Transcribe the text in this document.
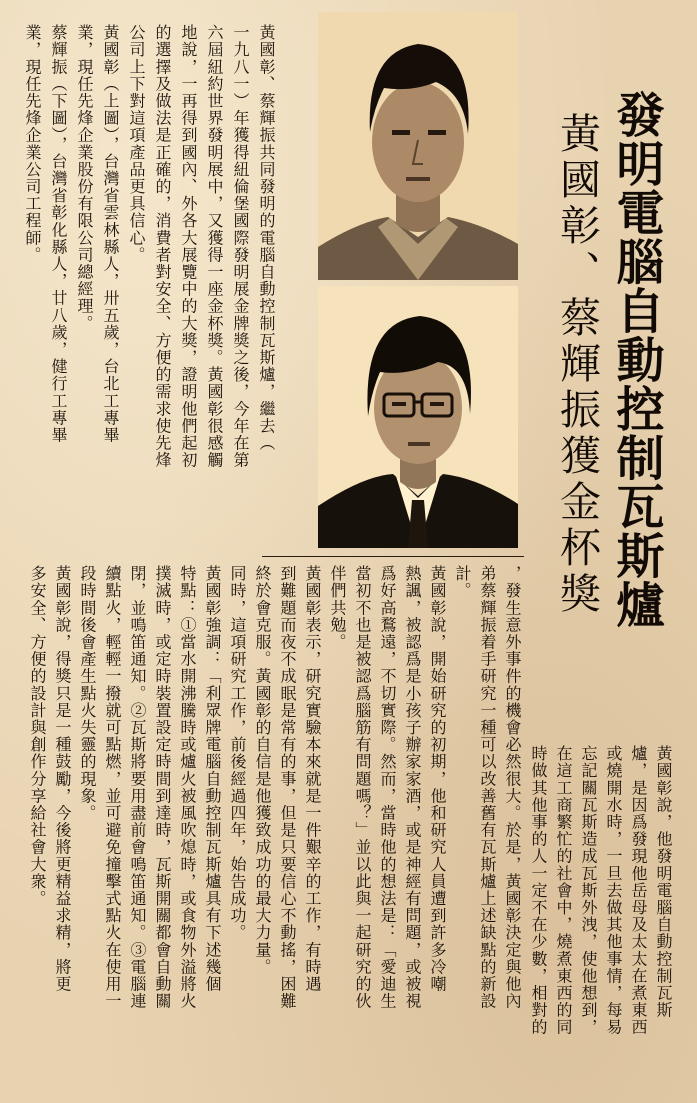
發明電腦自動控制瓦斯爐
黃國彰、蔡輝振獲金杯獎
黃國彰、蔡輝振共同發明的電腦自動控制瓦斯爐，繼去（
一九八一）年獲得紐倫堡國際發明展金牌獎之後，今年在第
六屆紐約世界發明展中，又獲得一座金杯獎。黃國彰很感觸
地說，一再得到國內、外各大展覽中的大獎，證明他們起初
的選擇及做法是正確的，消費者對安全、方便的需求使先烽
公司上下對這項產品更具信心。
黃國彰（上圖），台灣省雲林縣人，卅五歲，台北工專畢
業，現任先烽企業股份有限公司總經理。
蔡輝振（下圖），台灣省彰化縣人，廿八歲，健行工專畢
業，現任先烽企業公司工程師。
黃國彰說，他發明電腦自動控制瓦斯
爐，是因爲發現他岳母及太太在煮東西
或燒開水時，一旦去做其他事情，每易
忘記關瓦斯造成瓦斯外洩，使他想到，
在這工商繁忙的社會中，燒煮東西的同
時做其他事的人一定不在少數，相對的
，發生意外事件的機會必然很大。於是，黃國彰決定與他內
弟蔡輝振着手研究一種可以改善舊有瓦斯爐上述缺點的新設
計。
黃國彰說，開始研究的初期，他和研究人員遭到許多冷嘲
熱諷，被認爲是小孩子辦家家酒，或是神經有問題，或被視
爲好高鶩遠，不切實際。然而，當時他的想法是：「愛迪生
當初不也是被認爲腦筋有問題嗎？」並以此與一起研究的伙
伴們共勉。
黃國彰表示，研究實驗本來就是一件艱辛的工作，有時遇
到難題而夜不成眠是常有的事，但是只要信心不動搖，困難
終於會克服。黃國彰的自信是他獲致成功的最大力量。
同時，這項研究工作，前後經過四年，始告成功。
黃國彰強調：「利眾牌電腦自動控制瓦斯爐具有下述幾個
特點：①當水開沸騰時或爐火被風吹熄時，或食物外溢將火
撲滅時，或定時裝置設定時間到達時，瓦斯開關都會自動關
閉，並鳴笛通知。②瓦斯將要用盡前會鳴笛通知。③電腦連
續點火，輕輕一撥就可點燃，並可避免撞擊式點火在使用一
段時間後會產生點火失靈的現象。
黃國彰說，得獎只是一種鼓勵，今後將更精益求精，將更
多安全、方便的設計與創作分享給社會大衆。
